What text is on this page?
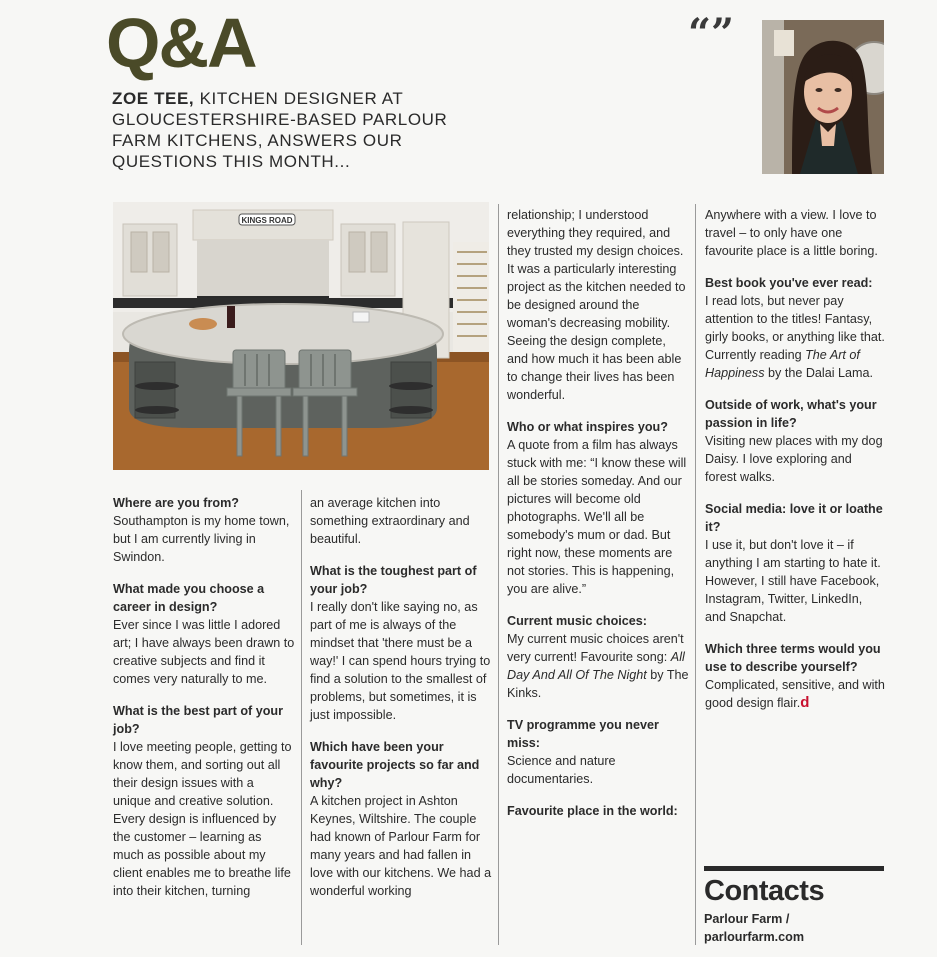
Q&A
ZOE TEE, KITCHEN DESIGNER AT GLOUCESTERSHIRE-BASED PARLOUR FARM KITCHENS, ANSWERS OUR QUESTIONS THIS MONTH...
“”
KINGS ROAD

Where are you from?
Southampton is my home town, but I am currently living in Swindon.

What made you choose a career in design?
Ever since I was little I adored art; I have always been drawn to creative subjects and find it comes very naturally to me.

What is the best part of your job?
I love meeting people, getting to know them, and sorting out all their design issues with a unique and creative solution. Every design is influenced by the customer – learning as much as possible about my client enables me to breathe life into their kitchen, turning

an average kitchen into something extraordinary and beautiful.

What is the toughest part of your job?
I really don't like saying no, as part of me is always of the mindset that 'there must be a way!' I can spend hours trying to find a solution to the smallest of problems, but sometimes, it is just impossible.

Which have been your favourite projects so far and why?
A kitchen project in Ashton Keynes, Wiltshire. The couple had known of Parlour Farm for many years and had fallen in love with our kitchens. We had a wonderful working

relationship; I understood everything they required, and they trusted my design choices. It was a particularly interesting project as the kitchen needed to be designed around the woman's decreasing mobility. Seeing the design complete, and how much it has been able to change their lives has been wonderful.

Who or what inspires you?
A quote from a film has always stuck with me: “I know these will all be stories someday. And our pictures will become old photographs. We'll all be somebody's mum or dad. But right now, these moments are not stories. This is happening, you are alive.”

Current music choices:
My current music choices aren't very current! Favourite song: All Day And All Of The Night by The Kinks.

TV programme you never miss:
Science and nature documentaries.

Favourite place in the world:

Anywhere with a view. I love to travel – to only have one favourite place is a little boring.

Best book you've ever read:
I read lots, but never pay attention to the titles! Fantasy, girly books, or anything like that. Currently reading The Art of Happiness by the Dalai Lama.

Outside of work, what's your passion in life?
Visiting new places with my dog Daisy. I love exploring and forest walks.

Social media: love it or loathe it?
I use it, but don't love it – if anything I am starting to hate it. However, I still have Facebook, Instagram, Twitter, LinkedIn, and Snapchat.

Which three terms would you use to describe yourself?
Complicated, sensitive, and with good design flair.d

Contacts
Parlour Farm /
parlourfarm.com
